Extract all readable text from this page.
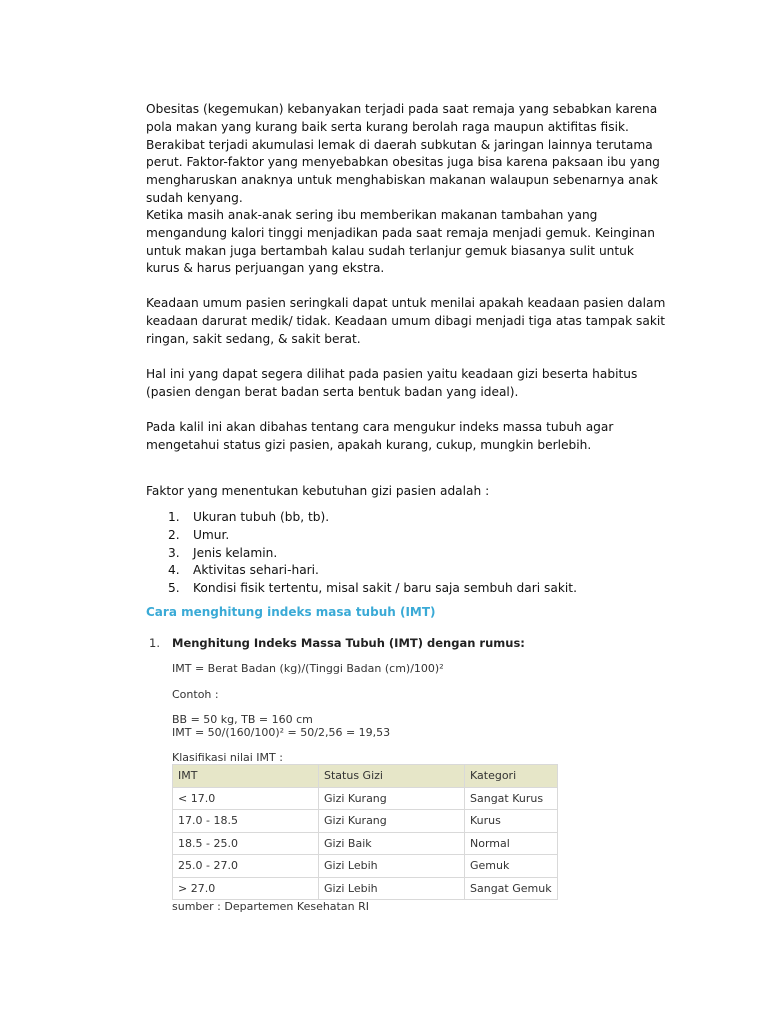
Obesitas (kegemukan) kebanyakan terjadi pada saat remaja yang sebabkan karena pola makan yang kurang baik serta kurang berolah raga maupun aktifitas fisik. Berakibat terjadi akumulasi lemak di daerah subkutan & jaringan lainnya terutama perut. Faktor-faktor yang menyebabkan obesitas juga bisa karena paksaan ibu yang mengharuskan anaknya untuk menghabiskan makanan walaupun sebenarnya anak sudah kenyang.

Ketika masih anak-anak sering ibu memberikan makanan tambahan yang mengandung kalori tinggi menjadikan pada saat remaja menjadi gemuk. Keinginan untuk makan juga bertambah kalau sudah terlanjur gemuk biasanya sulit untuk kurus & harus perjuangan yang ekstra.

Keadaan umum pasien seringkali dapat untuk menilai apakah keadaan pasien dalam keadaan darurat medik/ tidak. Keadaan umum dibagi menjadi tiga atas tampak sakit ringan, sakit sedang, & sakit berat.

Hal ini yang dapat segera dilihat pada pasien yaitu keadaan gizi beserta habitus (pasien dengan berat badan serta bentuk badan yang ideal).

Pada kalil ini akan dibahas tentang cara mengukur indeks massa tubuh agar mengetahui status gizi pasien, apakah kurang, cukup, mungkin berlebih.

Faktor yang menentukan kebutuhan gizi pasien adalah :

1. Ukuran tubuh (bb, tb).
2. Umur.
3. Jenis kelamin.
4. Aktivitas sehari-hari.
5. Kondisi fisik tertentu, misal sakit / baru saja sembuh dari sakit.
Cara menghitung indeks masa tubuh (IMT)
1. Menghitung Indeks Massa Tubuh (IMT) dengan rumus:
IMT = Berat Badan (kg)/(Tinggi Badan (cm)/100)²
Contoh :
BB = 50 kg, TB = 160 cm
IMT = 50/(160/100)² = 50/2,56 = 19,53
Klasifikasi nilai IMT :
IMT	Status Gizi	Kategori
< 17.0	Gizi Kurang	Sangat Kurus
17.0 - 18.5	Gizi Kurang	Kurus
18.5 - 25.0	Gizi Baik	Normal
25.0 - 27.0	Gizi Lebih	Gemuk
> 27.0	Gizi Lebih	Sangat Gemuk
sumber : Departemen Kesehatan RI
